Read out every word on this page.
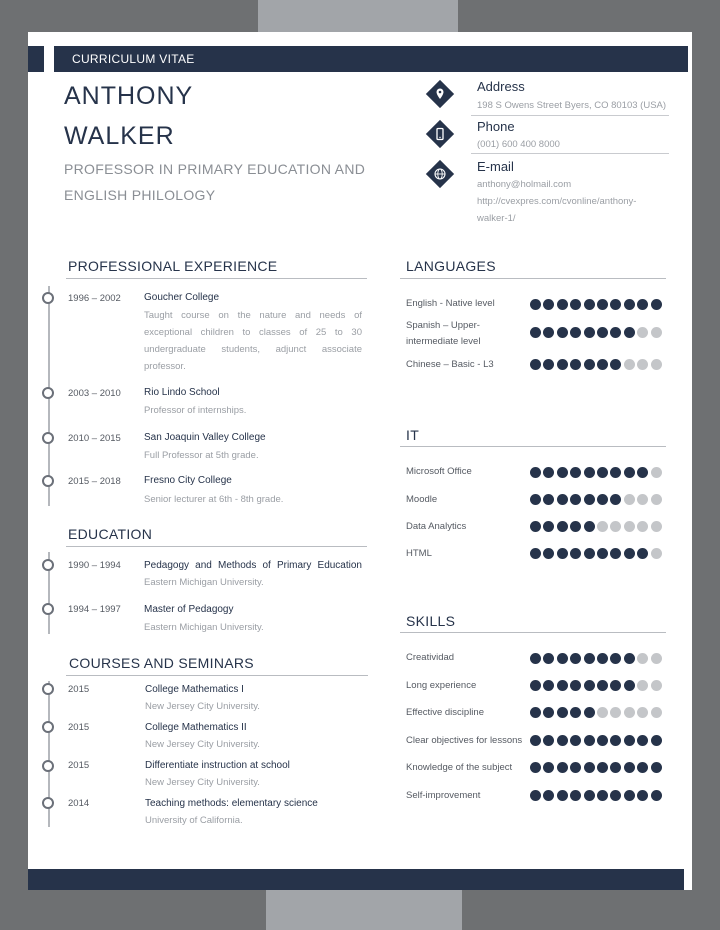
CURRICULUM VITAE
ANTHONY
WALKER
PROFESSOR IN PRIMARY EDUCATION AND
ENGLISH PHILOLOGY
Address
198 S Owens Street Byers, CO 80103 (USA)
Phone
(001) 600 400 8000
E-mail
anthony@holmail.com
http://cvexpres.com/cvonline/anthony-
walker-1/
PROFESSIONAL EXPERIENCE
1996 – 2002 Goucher College
Taught course on the nature and needs of exceptional children to classes of 25 to 30 undergraduate students, adjunct associate professor.
2003 – 2010 Rio Lindo School
Professor of internships.
2010 – 2015 San Joaquin Valley College
Full Professor at 5th grade.
2015 – 2018 Fresno City College
Senior lecturer at 6th - 8th grade.
EDUCATION
1990 – 1994 Pedagogy and Methods of Primary Education
Eastern Michigan University.
1994 – 1997 Master of Pedagogy
Eastern Michigan University.
COURSES AND SEMINARS
2015	College Mathematics I
New Jersey City University.
2015	College Mathematics II
New Jersey City University.
2015	Differentiate instruction at school
New Jersey City University.
2014	Teaching methods: elementary science
University of California.
LANGUAGES
English - Native level
Spanish – Upper-intermediate level
Chinese – Basic - L3
IT
Microsoft Office
Moodle
Data Analytics
HTML
SKILLS
Creatividad
Long experience
Effective discipline
Clear objectives for lessons
Knowledge of the subject
Self-improvement
